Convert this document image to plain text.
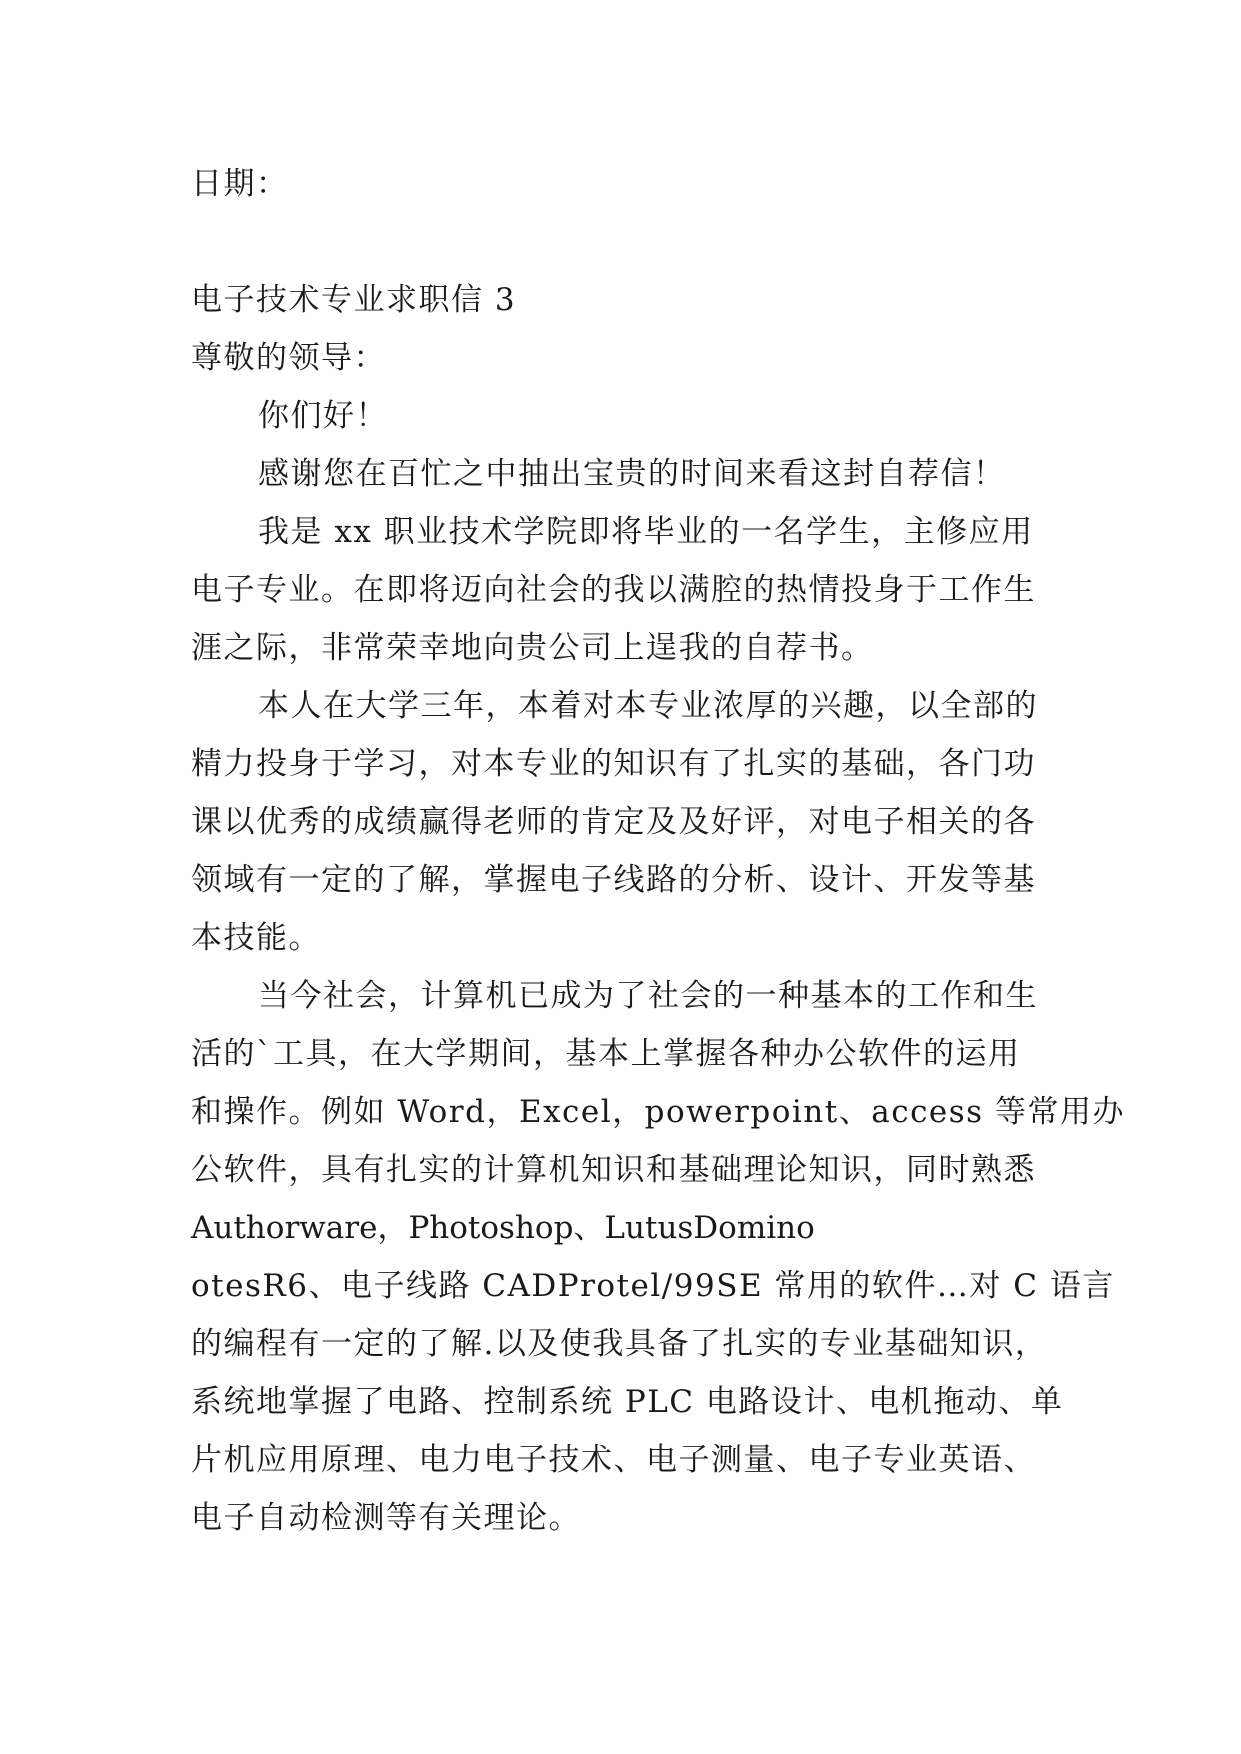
日期：
电子技术专业求职信 3
尊敬的领导：
你们好！
感谢您在百忙之中抽出宝贵的时间来看这封自荐信！
我是 xx 职业技术学院即将毕业的一名学生，主修应用
电子专业。在即将迈向社会的我以满腔的热情投身于工作生
涯之际，非常荣幸地向贵公司上逞我的自荐书。
本人在大学三年，本着对本专业浓厚的兴趣，以全部的
精力投身于学习，对本专业的知识有了扎实的基础，各门功
课以优秀的成绩赢得老师的肯定及及好评，对电子相关的各
领域有一定的了解，掌握电子线路的分析、设计、开发等基
本技能。
当今社会，计算机已成为了社会的一种基本的工作和生
活的`工具，在大学期间，基本上掌握各种办公软件的运用
和操作。例如 Word，Excel，powerpoint、access 等常用办
公软件，具有扎实的计算机知识和基础理论知识，同时熟悉
Authorware，Photoshop、LutusDomino
otesR6、电子线路 CADProtel/99SE 常用的软件…对 C 语言
的编程有一定的了解.以及使我具备了扎实的专业基础知识，
系统地掌握了电路、控制系统 PLC 电路设计、电机拖动、单
片机应用原理、电力电子技术、电子测量、电子专业英语、
电子自动检测等有关理论。
